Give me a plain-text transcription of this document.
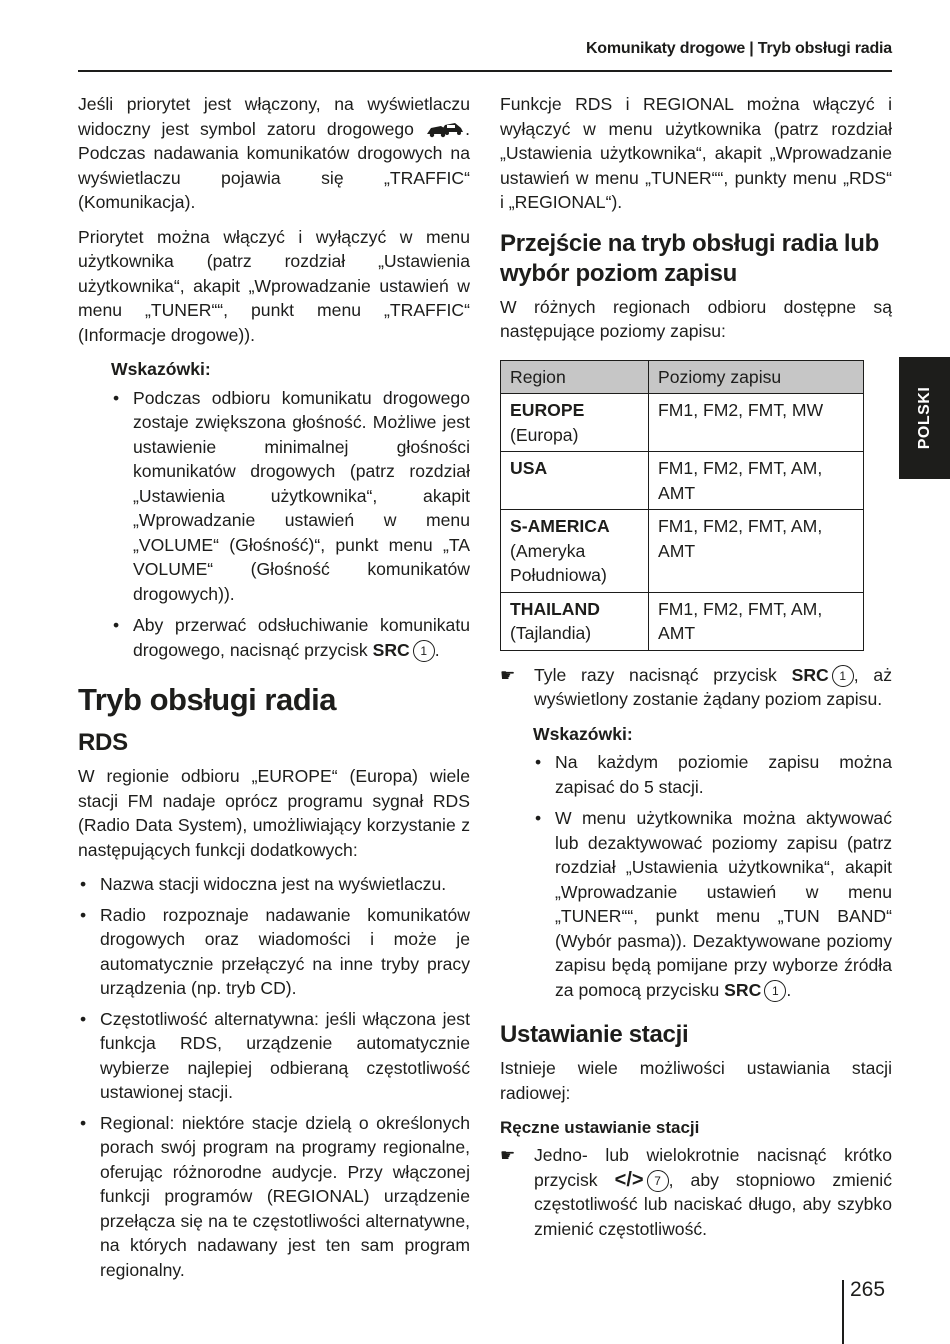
Komunikaty drogowe | Tryb obsługi radia
POLSKI

Jeśli priorytet jest włączony, na wyświetlaczu widoczny jest symbol zatoru drogowego . Podczas nadawania komunikatów drogowych na wyświetlaczu pojawia się „TRAFFIC“ (Komunikacja).

Priorytet można włączyć i wyłączyć w menu użytkownika (patrz rozdział „Ustawienia użytkownika“, akapit „Wprowadzanie ustawień w menu „TUNER““, punkt menu „TRAFFIC“ (Informacje drogowe)).

Wskazówki:
• Podczas odbioru komunikatu drogowego zostaje zwiększona głośność. Możliwe jest ustawienie minimalnej głośności komunikatów drogowych (patrz rozdział „Ustawienia użytkownika“, akapit „Wprowadzanie ustawień w menu „VOLUME“ (Głośność)“, punkt menu „TA VOLUME“ (Głośność komunikatów drogowych)).
• Aby przerwać odsłuchiwanie komunikatu drogowego, nacisnąć przycisk SRC 1 .
Tryb obsługi radia
RDS

W regionie odbioru „EUROPE“ (Europa) wiele stacji FM nadaje oprócz programu sygnał RDS (Radio Data System), umożliwiający korzystanie z następujących funkcji dodatkowych:

• Nazwa stacji widoczna jest na wyświetlaczu.
• Radio rozpoznaje nadawanie komunikatów drogowych oraz wiadomości i może je automatycznie przełączyć na inne tryby pracy urządzenia (np. tryb CD).
• Częstotliwość alternatywna: jeśli włączona jest funkcja RDS, urządzenie automatycznie wybierze najlepiej odbieraną częstotliwość ustawionej stacji.
• Regional: niektóre stacje dzielą o określonych porach swój program na programy regionalne, oferując różnorodne audycje. Przy włączonej funkcji programów (REGIONAL) urządzenie przełącza się na te częstotliwości alternatywne, na których nadawany jest ten sam program regionalny.

Funkcje RDS i REGIONAL można włączyć i wyłączyć w menu użytkownika (patrz rozdział „Ustawienia użytkownika“, akapit „Wprowadzanie ustawień w menu „TUNER““, punkty menu „RDS“ i „REGIONAL“).

Przejście na tryb obsługi radia lub wybór poziom zapisu

W różnych regionach odbioru dostępne są następujące poziomy zapisu:

Region	Poziomy zapisu

EUROPE
(Europa)	FM1, FM2, FMT, MW

USA	FM1, FM2, FMT, AM, AMT

S-AMERICA
(Ameryka Południowa)	FM1, FM2, FMT, AM, AMT

THAILAND
(Tajlandia)	FM1, FM2, FMT, AM, AMT
☛ Tyle razy nacisnąć przycisk SRC 1 , aż wyświetlony zostanie żądany poziom zapisu.
Wskazówki:
• Na każdym poziomie zapisu można zapisać do 5 stacji.
• W menu użytkownika można aktywować lub dezaktywować poziomy zapisu (patrz rozdział „Ustawienia użytkownika“, akapit „Wprowadzanie ustawień w menu „TUNER““, punkt menu „TUN BAND“ (Wybór pasma)). Dezaktywowane poziomy zapisu będą pomijane przy wyborze źródła za pomocą przycisku SRC 1 .
Ustawianie stacji

Istnieje wiele możliwości ustawiania stacji radiowej:

Ręczne ustawianie stacji
☛ Jedno- lub wielokrotnie nacisnąć krótko przycisk </> 7 , aby stopniowo zmienić częstotliwość lub naciskać długo, aby szybko zmienić częstotliwość.
265
